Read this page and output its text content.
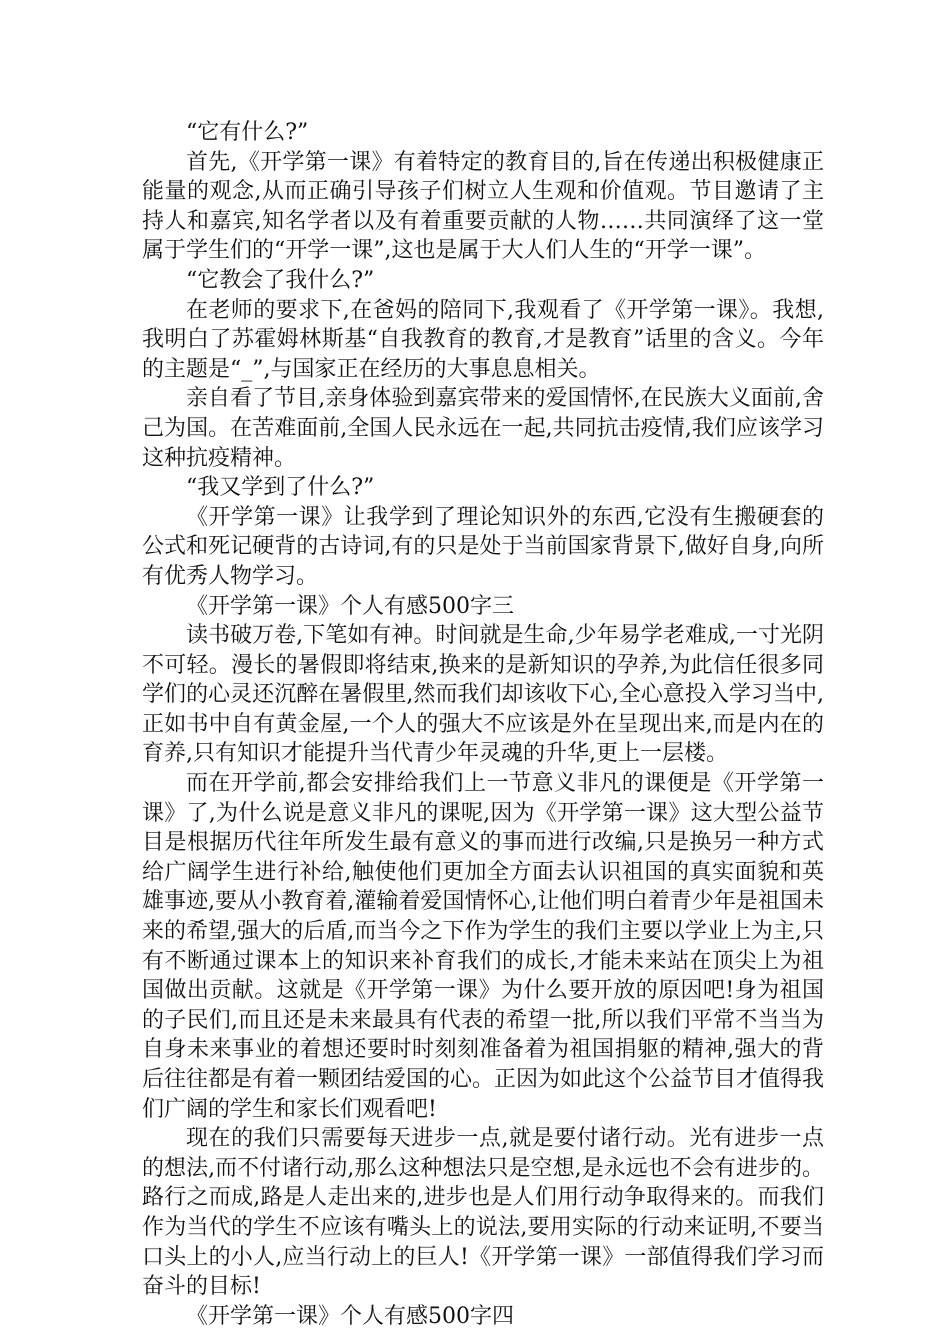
“它有什么?”

首先,《开学第一课》有着特定的教育目的,旨在传递出积极健康正能量的观念,从而正确引导孩子们树立人生观和价值观。节目邀请了主持人和嘉宾,知名学者以及有着重要贡献的人物……共同演绎了这一堂属于学生们的“开学一课”,这也是属于大人们人生的“开学一课”。

“它教会了我什么?”

在老师的要求下,在爸妈的陪同下,我观看了《开学第一课》。我想,我明白了苏霍姆林斯基“自我教育的教育,才是教育”话里的含义。今年的主题是“_”,与国家正在经历的大事息息相关。

亲自看了节目,亲身体验到嘉宾带来的爱国情怀,在民族大义面前,舍己为国。在苦难面前,全国人民永远在一起,共同抗击疫情,我们应该学习这种抗疫精神。

“我又学到了什么?”

《开学第一课》让我学到了理论知识外的东西,它没有生搬硬套的公式和死记硬背的古诗词,有的只是处于当前国家背景下,做好自身,向所有优秀人物学习。

《开学第一课》个人有感500字三

读书破万卷,下笔如有神。时间就是生命,少年易学老难成,一寸光阴不可轻。漫长的暑假即将结束,换来的是新知识的孕养,为此信任很多同学们的心灵还沉醉在暑假里,然而我们却该收下心,全心意投入学习当中,正如书中自有黄金屋,一个人的强大不应该是外在呈现出来,而是内在的育养,只有知识才能提升当代青少年灵魂的升华,更上一层楼。

而在开学前,都会安排给我们上一节意义非凡的课便是《开学第一课》了,为什么说是意义非凡的课呢,因为《开学第一课》这大型公益节目是根据历代往年所发生最有意义的事而进行改编,只是换另一种方式给广阔学生进行补给,触使他们更加全方面去认识祖国的真实面貌和英雄事迹,要从小教育着,灌输着爱国情怀心,让他们明白着青少年是祖国未来的希望,强大的后盾,而当今之下作为学生的我们主要以学业上为主,只有不断通过课本上的知识来补育我们的成长,才能未来站在顶尖上为祖国做出贡献。这就是《开学第一课》为什么要开放的原因吧!身为祖国的子民们,而且还是未来最具有代表的希望一批,所以我们平常不当当为自身未来事业的着想还要时时刻刻准备着为祖国捐躯的精神,强大的背后往往都是有着一颗团结爱国的心。正因为如此这个公益节目才值得我们广阔的学生和家长们观看吧!

现在的我们只需要每天进步一点,就是要付诸行动。光有进步一点的想法,而不付诸行动,那么这种想法只是空想,是永远也不会有进步的。路行之而成,路是人走出来的,进步也是人们用行动争取得来的。而我们作为当代的学生不应该有嘴头上的说法,要用实际的行动来证明,不要当口头上的小人,应当行动上的巨人!《开学第一课》一部值得我们学习而奋斗的目标!

《开学第一课》个人有感500字四
